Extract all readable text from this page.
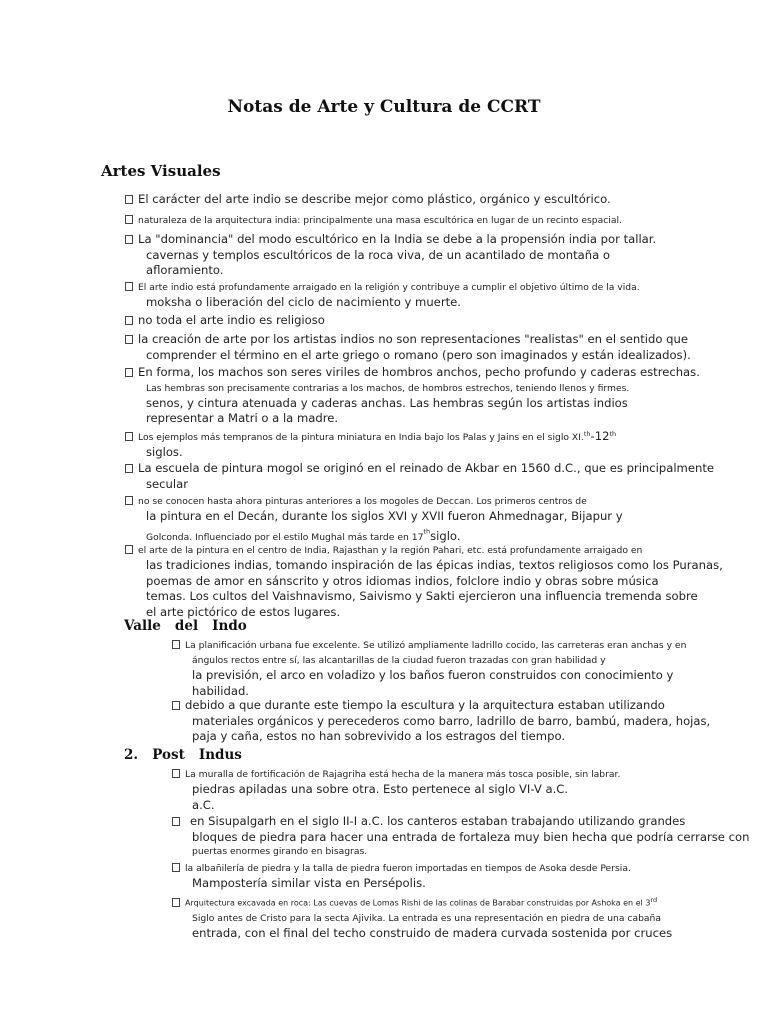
Notas de Arte y Cultura de CCRT
Artes Visuales
El carácter del arte indio se describe mejor como plástico, orgánico y escultórico.
naturaleza de la arquitectura india: principalmente una masa escultórica en lugar de un recinto espacial.
La "dominancia" del modo escultórico en la India se debe a la propensión india por tallar.
cavernas y templos escultóricos de la roca viva, de un acantilado de montaña o
afloramiento.
El arte indio está profundamente arraigado en la religión y contribuye a cumplir el objetivo último de la vida.
moksha o liberación del ciclo de nacimiento y muerte.
no toda el arte indio es religioso
la creación de arte por los artistas indios no son representaciones "realistas" en el sentido que
comprender el término en el arte griego o romano (pero son imaginados y están idealizados).
En forma, los machos son seres viriles de hombros anchos, pecho profundo y caderas estrechas.
Las hembras son precisamente contrarias a los machos, de hombros estrechos, teniendo llenos y firmes.
senos, y cintura atenuada y caderas anchas. Las hembras según los artistas indios
representar a Matri o a la madre.
Los ejemplos más tempranos de la pintura miniatura en India bajo los Palas y Jains en el siglo XI.$^{th}$-12th
siglos.
La escuela de pintura mogol se originó en el reinado de Akbar en 1560 d.C., que es principalmente
secular
no se conocen hasta ahora pinturas anteriores a los mogoles de Deccan. Los primeros centros de
la pintura en el Decán, durante los siglos XVI y XVII fueron Ahmednagar, Bijapur y
Golconda. Influenciado por el estilo Mughal más tarde en 17thsiglo.
el arte de la pintura en el centro de India, Rajasthan y la región Pahari, etc. está profundamente arraigado en
las tradiciones indias, tomando inspiración de las épicas indias, textos religiosos como los Puranas,
poemas de amor en sánscrito y otros idiomas indios, folclore indio y obras sobre música
temas. Los cultos del Vaishnavismo, Saivismo y Sakti ejercieron una influencia tremenda sobre
el arte pictórico de estos lugares.
Valle   del   Indo
La planificación urbana fue excelente. Se utilizó ampliamente ladrillo cocido, las carreteras eran anchas y en
ángulos rectos entre sí, las alcantarillas de la ciudad fueron trazadas con gran habilidad y
la previsión, el arco en voladizo y los baños fueron construidos con conocimiento y
habilidad.
debido a que durante este tiempo la escultura y la arquitectura estaban utilizando
materiales orgánicos y perecederos como barro, ladrillo de barro, bambú, madera, hojas,
paja y caña, estos no han sobrevivido a los estragos del tiempo.
2.   Post   Indus
La muralla de fortificación de Rajagriha está hecha de la manera más tosca posible, sin labrar.
piedras apiladas una sobre otra. Esto pertenece al siglo VI-V a.C.
a.C.
en Sisupalgarh en el siglo II-I a.C. los canteros estaban trabajando utilizando grandes
bloques de piedra para hacer una entrada de fortaleza muy bien hecha que podría cerrarse con
puertas enormes girando en bisagras.
la albañilería de piedra y la talla de piedra fueron importadas en tiempos de Asoka desde Persia.
Mampostería similar vista en Persépolis.
Arquitectura excavada en roca: Las cuevas de Lomas Rishi de las colinas de Barabar construidas por Ashoka en el 3rd
Siglo antes de Cristo para la secta Ajivika. La entrada es una representación en piedra de una cabaña
entrada, con el final del techo construido de madera curvada sostenida por cruces
